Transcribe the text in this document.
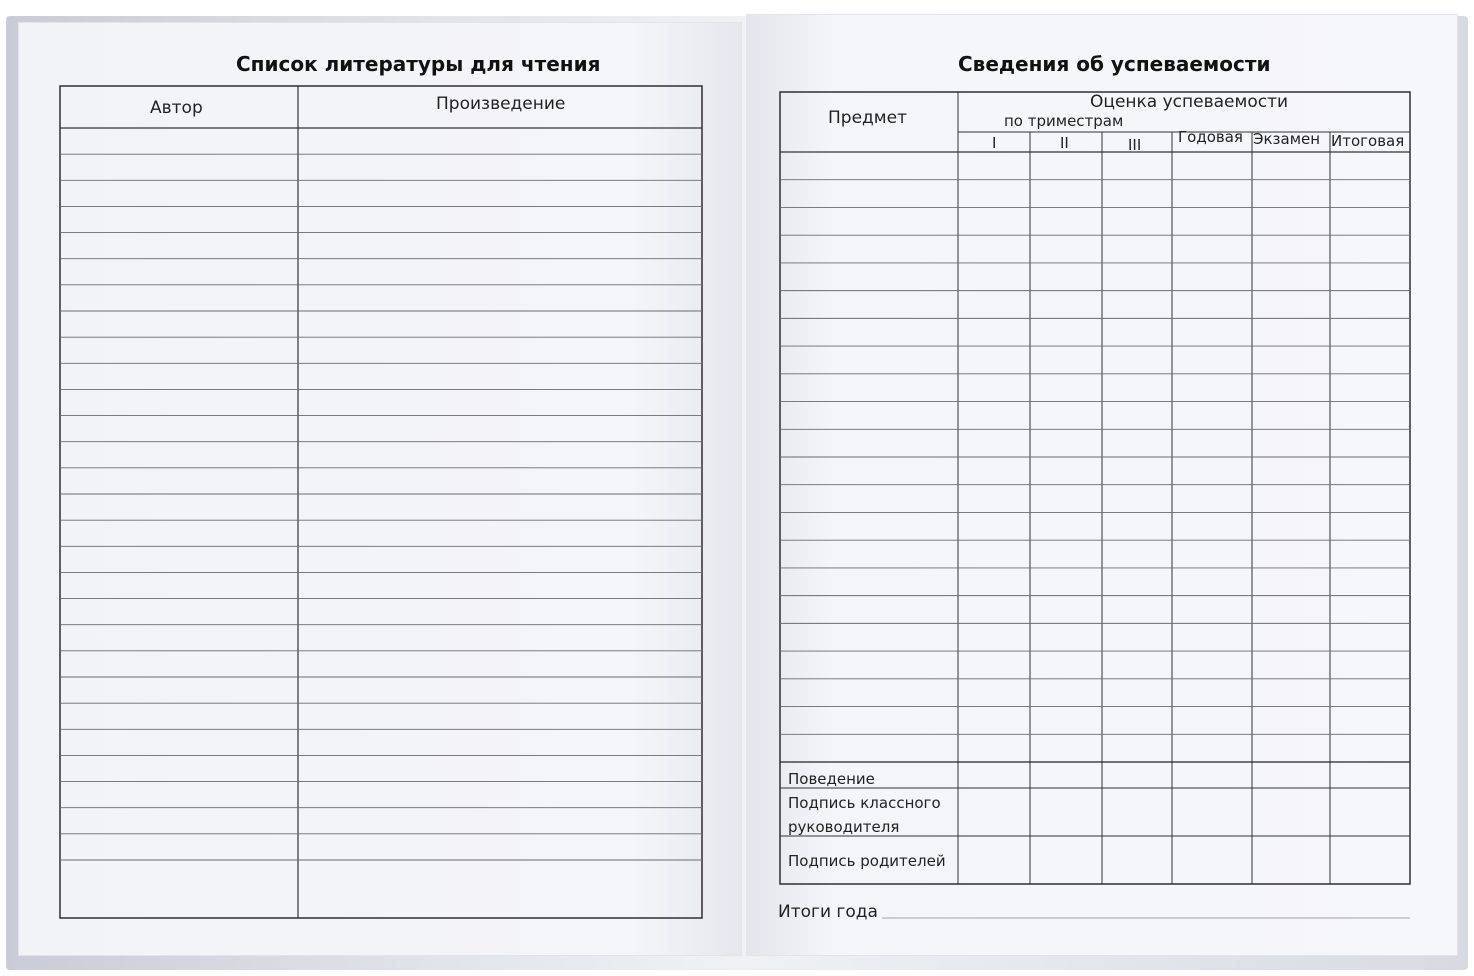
Список литературы для чтения
Автор	Произведение
Сведения об успеваемости
Предмет
Оценка успеваемости
по триместрам
I	II	III Годовая Экзамен Итоговая
Поведение
Подпись классного
руководителя
Подпись родителей
Итоги года
